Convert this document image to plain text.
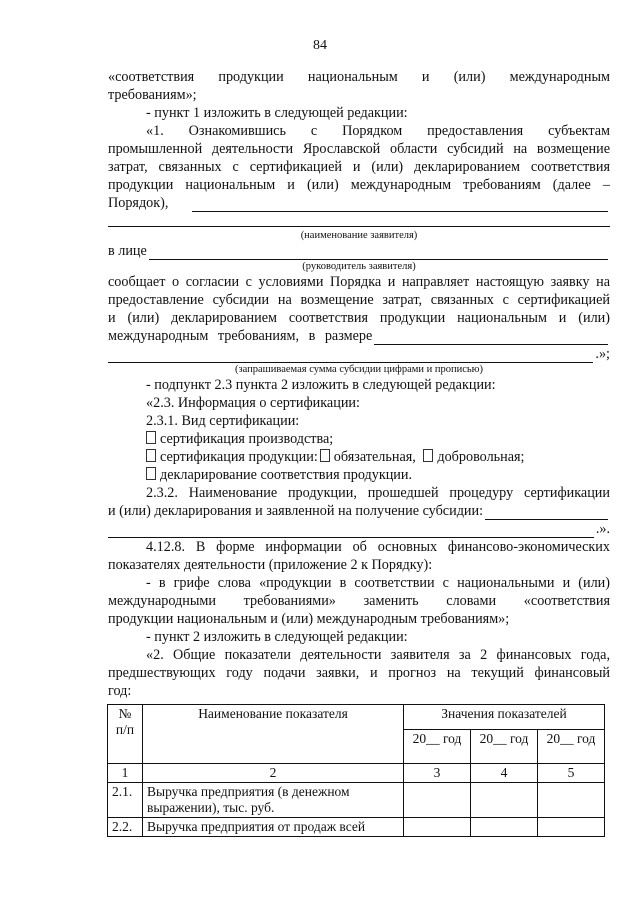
84
«соответствия продукции национальным и (или) международным
требованиям»;
- пункт 1 изложить в следующей редакции:
«1. Ознакомившись с Порядком предоставления субъектам
промышленной деятельности Ярославской области субсидий на возмещение
затрат, связанных с сертификацией и (или) декларированием соответствия
продукции национальным и (или) международным требованиям (далее –
Порядок),
(наименование заявителя)
в лице
(руководитель заявителя)
сообщает о согласии с условиями Порядка и направляет настоящую заявку на
предоставление субсидии на возмещение затрат, связанных с сертификацией
и (или) декларированием соответствия продукции национальным и (или)
международным требованиям, в размере
.»;
(запрашиваемая сумма субсидии цифрами и прописью)
- подпункт 2.3 пункта 2 изложить в следующей редакции:
«2.3. Информация о сертификации:
2.3.1. Вид сертификации:
сертификация производства;
сертификация продукции: обязательная, добровольная;
декларирование соответствия продукции.
2.3.2. Наименование продукции, прошедшей процедуру сертификации
и (или) декларирования и заявленной на получение субсидии:
.».
4.12.8. В форме информации об основных финансово-экономических
показателях деятельности (приложение 2 к Порядку):
- в грифе слова «продукции в соответствии с национальными и (или)
международными требованиями» заменить словами «соответствия
продукции национальным и (или) международным требованиям»;
- пункт 2 изложить в следующей редакции:
«2. Общие показатели деятельности заявителя за 2 финансовых года,
предшествующих году подачи заявки, и прогноз на текущий финансовый
год:
№ п/п	Наименование показателя	Значения показателей		
		20__ год	20__ год	20__ год
1	2	3	4	5
2.1.	Выручка предприятия (в денежном выражении), тыс. руб.			
2.2.	Выручка предприятия от продаж всей			
